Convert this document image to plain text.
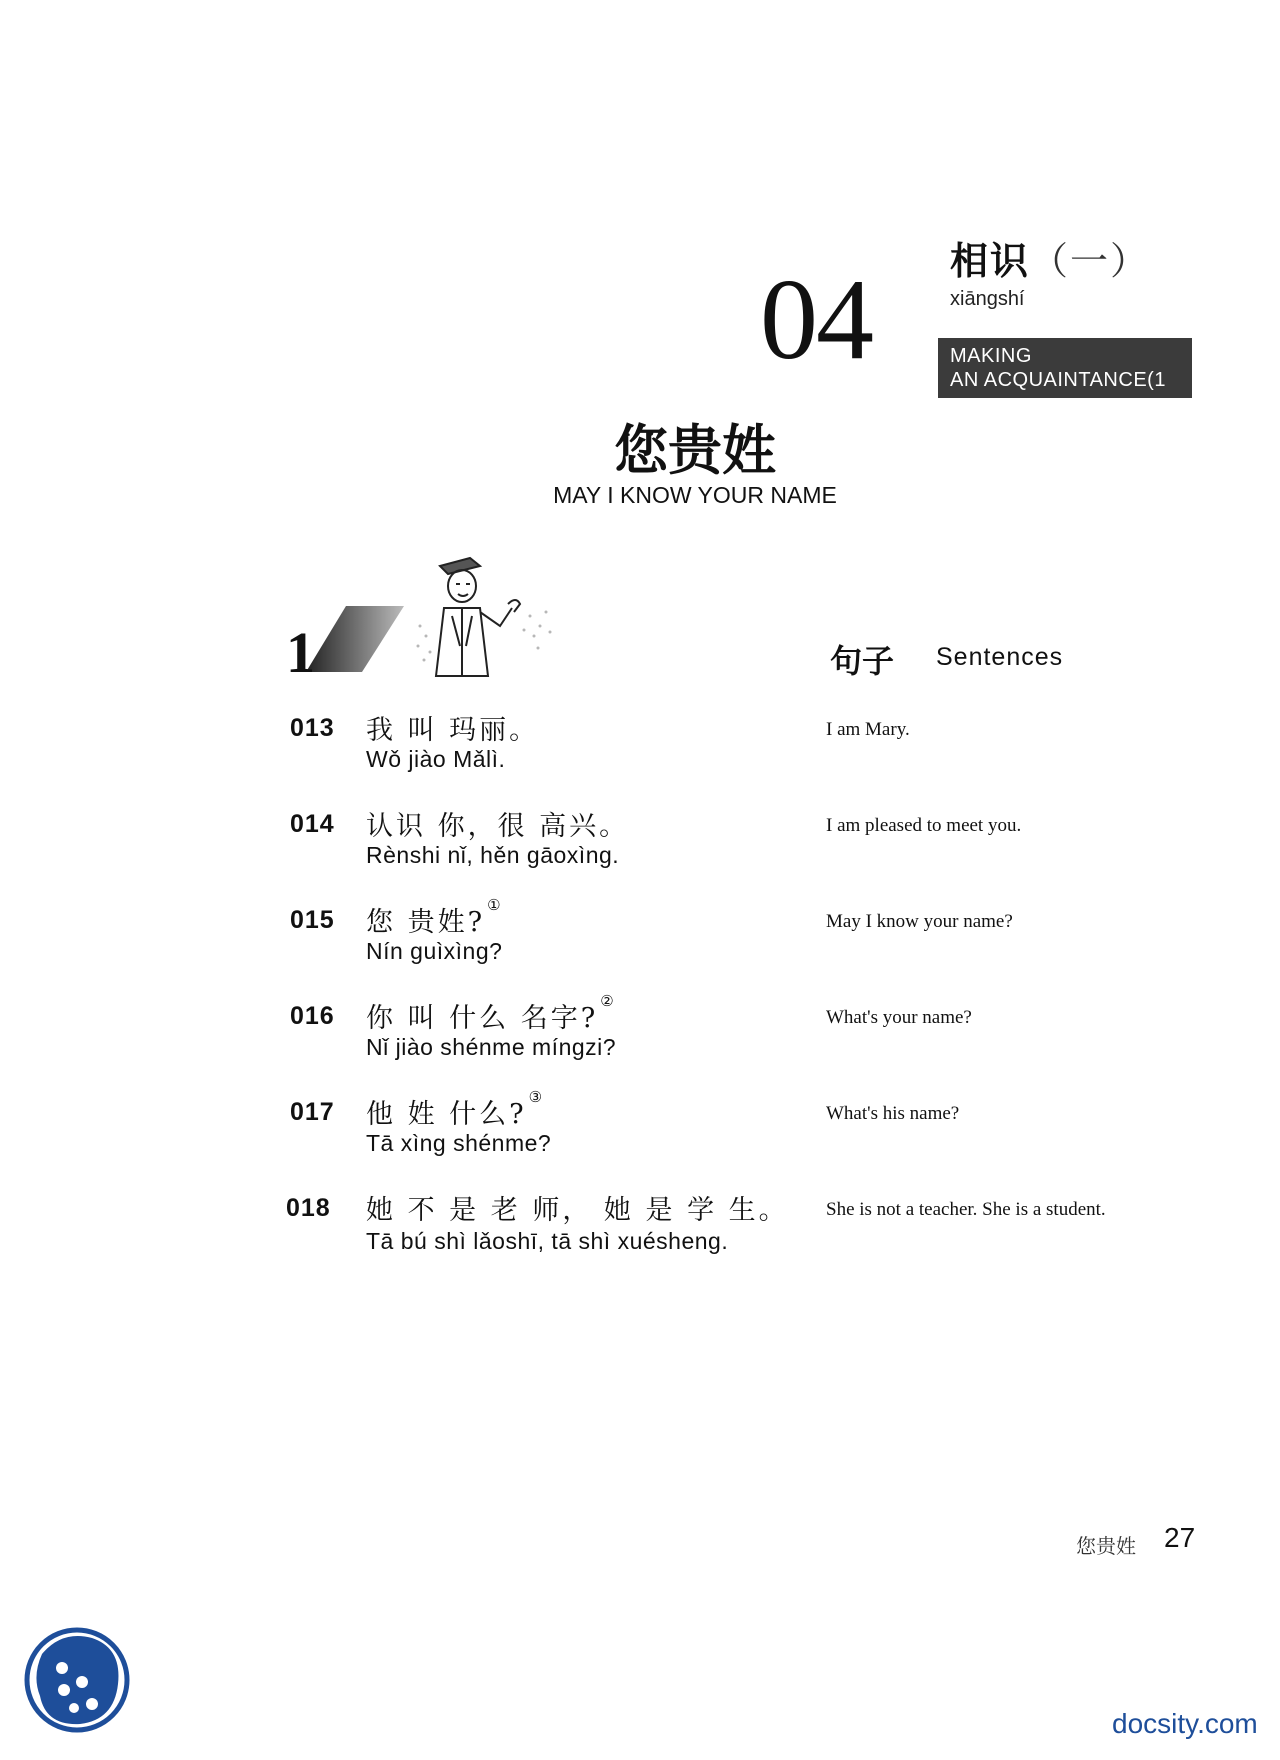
04 相识（一）
xiāngshí
MAKING
AN ACQUAINTANCE(1
您贵姓
MAY I KNOW YOUR NAME
1	句子 Sentences
013 我 叫 玛丽。
Wǒ jiào Mǎlì.
I am Mary.
014 认识 你，很 高兴。
Rènshi nǐ, hěn gāoxìng.
I am pleased to meet you.
015 您 贵姓?①
Nín guìxìng?
May I know your name?
016 你 叫 什么 名字?②
Nǐ jiào shénme míngzi?
What's your name?
017 他 姓 什么?③
Tā xìng shénme?
What's his name?
018 她 不 是 老 师， 她 是 学 生。
Tā bú shì lǎoshī, tā shì xuésheng.
She is not a teacher. She is a student.
您贵姓 27
docsity.com
